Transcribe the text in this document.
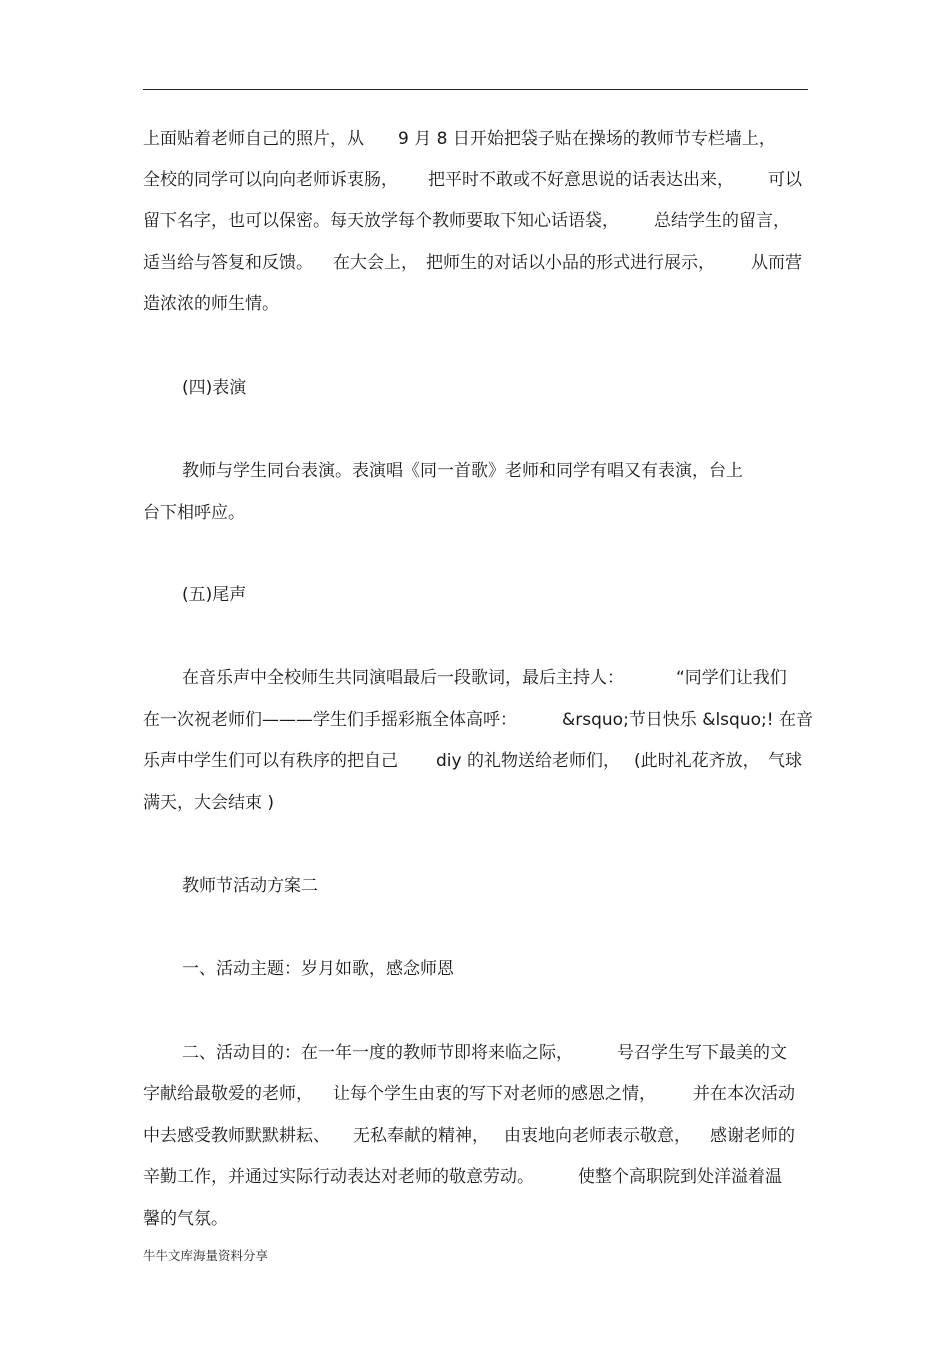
上面贴着老师自己的照片，从

9 月 8 日开始把袋子贴在操场的教师节专栏墙上，

全校的同学可以向向老师诉衷肠，

把平时不敢或不好意思说的话表达出来，

可以

留下名字，也可以保密。每天放学每个教师要取下知心话语袋，

总结学生的留言，

适当给与答复和反馈。

在大会上，

把师生的对话以小品的形式进行展示，

从而营

造浓浓的师生情。

(四)表演

教师与学生同台表演。表演唱《同一首歌》老师和同学有唱又有表演，台上

台下相呼应。

(五)尾声

在音乐声中全校师生共同演唱最后一段歌词，最后主持人：

	“同学们让我们

在一次祝老师们———学生们手摇彩瓶全体高呼：

	&rsquo;节日快乐 &lsquo;! 在音

乐声中学生们可以有秩序的把自己

diy 的礼物送给老师们，

(此时礼花齐放，

气球

满天，大会结束 )

教师节活动方案二

一、活动主题：岁月如歌，感念师恩

二、活动目的：在一年一度的教师节即将来临之际，

	号召学生写下最美的文

字献给最敬爱的老师，

让每个学生由衷的写下对老师的感恩之情，

并在本次活动

中去感受教师默默耕耘、

无私奉献的精神，

由衷地向老师表示敬意，

感谢老师的

辛勤工作，并通过实际行动表达对老师的敬意劳动。

	使整个高职院到处洋溢着温

馨的气氛。

牛牛文库海量资料分享
